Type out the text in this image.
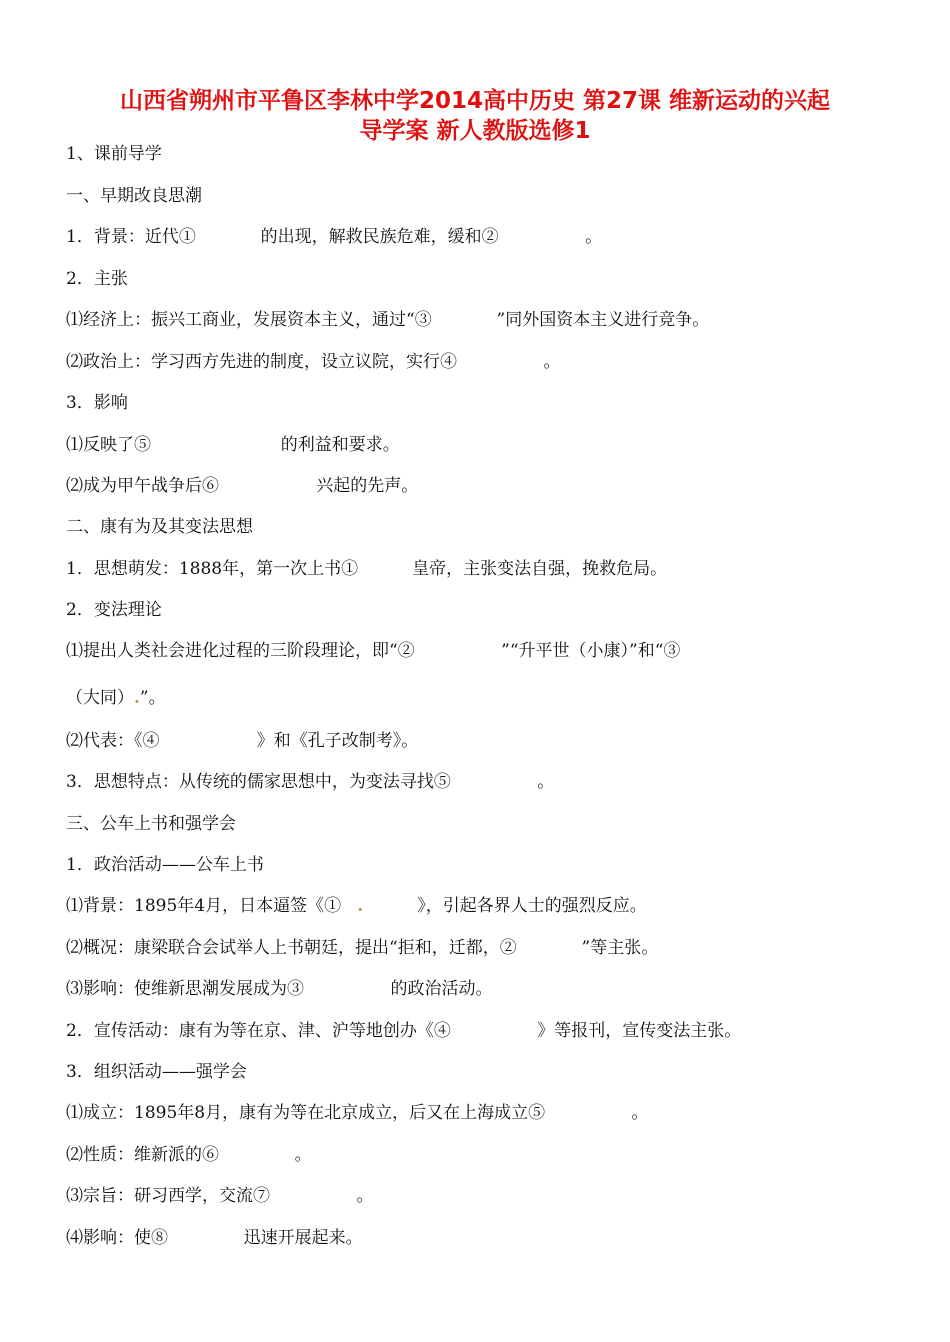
山西省朔州市平鲁区李林中学2014高中历史 第27课 维新运动的兴起
导学案 新人教版选修1
1、课前导学
一、早期改良思潮
1．背景：近代①            的出现，解救民族危难，缓和②                。
2．主张
⑴经济上：振兴工商业，发展资本主义，通过“③            ”同外国资本主义进行竞争。
⑵政治上：学习西方先进的制度，设立议院，实行④                。
3．影响
⑴反映了⑤                        的利益和要求。
⑵成为甲午战争后⑥                  兴起的先声。
二、康有为及其变法思想
1．思想萌发：1888年，第一次上书①          皇帝，主张变法自强，挽救危局。
2．变法理论
⑴提出人类社会进化过程的三阶段理论，即“②                ”“升平世（小康）”和“③
（大同）.”。
⑵代表：《④                  》和《孔子改制考》。
3．思想特点：从传统的儒家思想中，为变法寻找⑤                。
三、公车上书和强学会
1．政治活动——公车上书
⑴背景：1895年4月，日本逼签《①   .          》，引起各界人士的强烈反应。
⑵概况：康梁联合会试举人上书朝廷，提出“拒和，迁都，②            ”等主张。
⑶影响：使维新思潮发展成为③                的政治活动。
2．宣传活动：康有为等在京、津、沪等地创办《④                》等报刊，宣传变法主张。
3．组织活动——强学会
⑴成立：1895年8月，康有为等在北京成立，后又在上海成立⑤                。
⑵性质：维新派的⑥              。
⑶宗旨：研习西学，交流⑦                。
⑷影响：使⑧              迅速开展起来。
